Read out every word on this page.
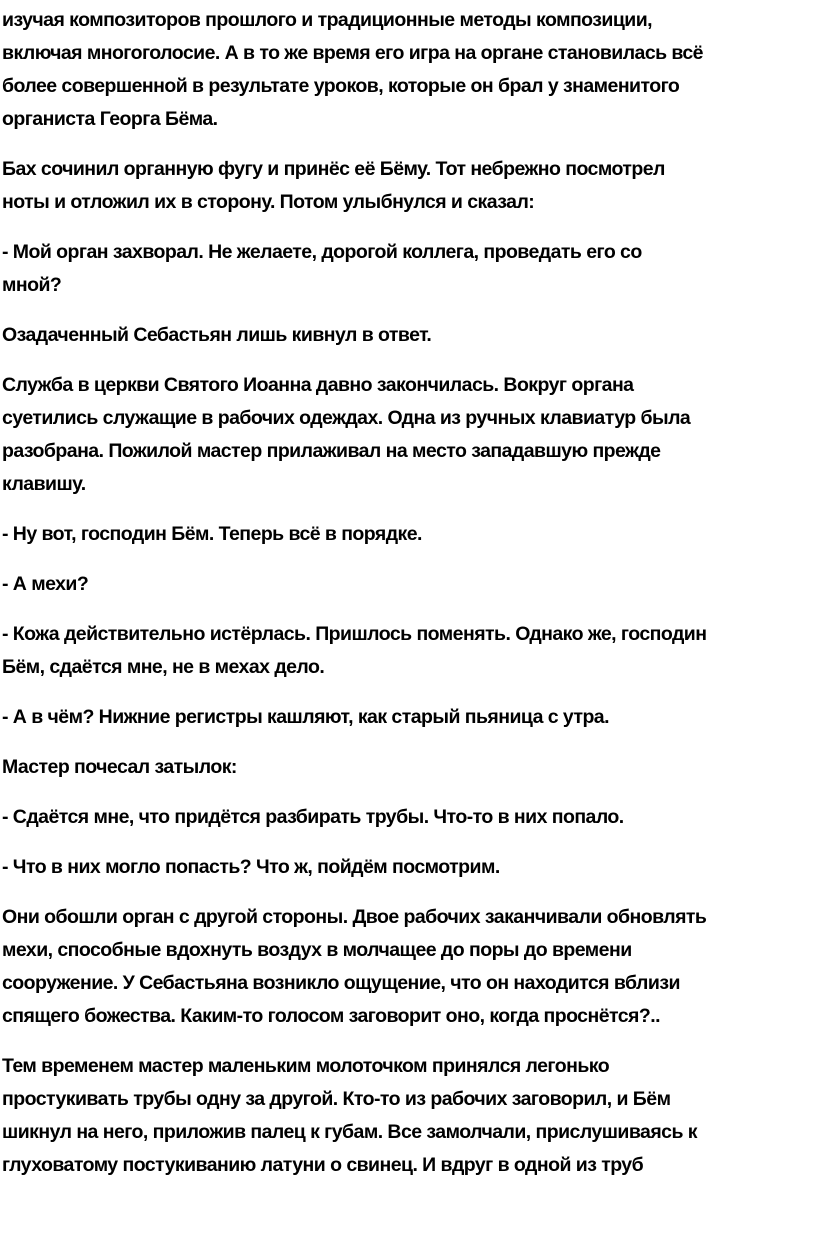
изучая композиторов прошлого и традиционные методы композиции,
включая многоголосие. А в то же время его игра на органе становилась всё
более совершенной в результате уроков, которые он брал у знаменитого
органиста Георга Бёма.

Бах сочинил органную фугу и принёс её Бёму. Тот небрежно посмотрел
ноты и отложил их в сторону. Потом улыбнулся и сказал:

- Мой орган захворал. Не желаете, дорогой коллега, проведать его со
мной?

Озадаченный Себастьян лишь кивнул в ответ.

Служба в церкви Святого Иоанна давно закончилась. Вокруг органа
суетились служащие в рабочих одеждах. Одна из ручных клавиатур была
разобрана. Пожилой мастер прилаживал на место западавшую прежде
клавишу.

- Ну вот, господин Бём. Теперь всё в порядке.

- А мехи?

- Кожа действительно истёрлась. Пришлось поменять. Однако же, господин
Бём, сдаётся мне, не в мехах дело.

- А в чём? Нижние регистры кашляют, как старый пьяница с утра.

Мастер почесал затылок:

- Сдаётся мне, что придётся разбирать трубы. Что-то в них попало.

- Что в них могло попасть? Что ж, пойдём посмотрим.

Они обошли орган с другой стороны. Двое рабочих заканчивали обновлять
мехи, способные вдохнуть воздух в молчащее до поры до времени
сооружение. У Себастьяна возникло ощущение, что он находится вблизи
спящего божества. Каким-то голосом заговорит оно, когда проснётся?..

Тем временем мастер маленьким молоточком принялся легонько
простукивать трубы одну за другой. Кто-то из рабочих заговорил, и Бём
шикнул на него, приложив палец к губам. Все замолчали, прислушиваясь к
глуховатому постукиванию латуни о свинец. И вдруг в одной из труб
